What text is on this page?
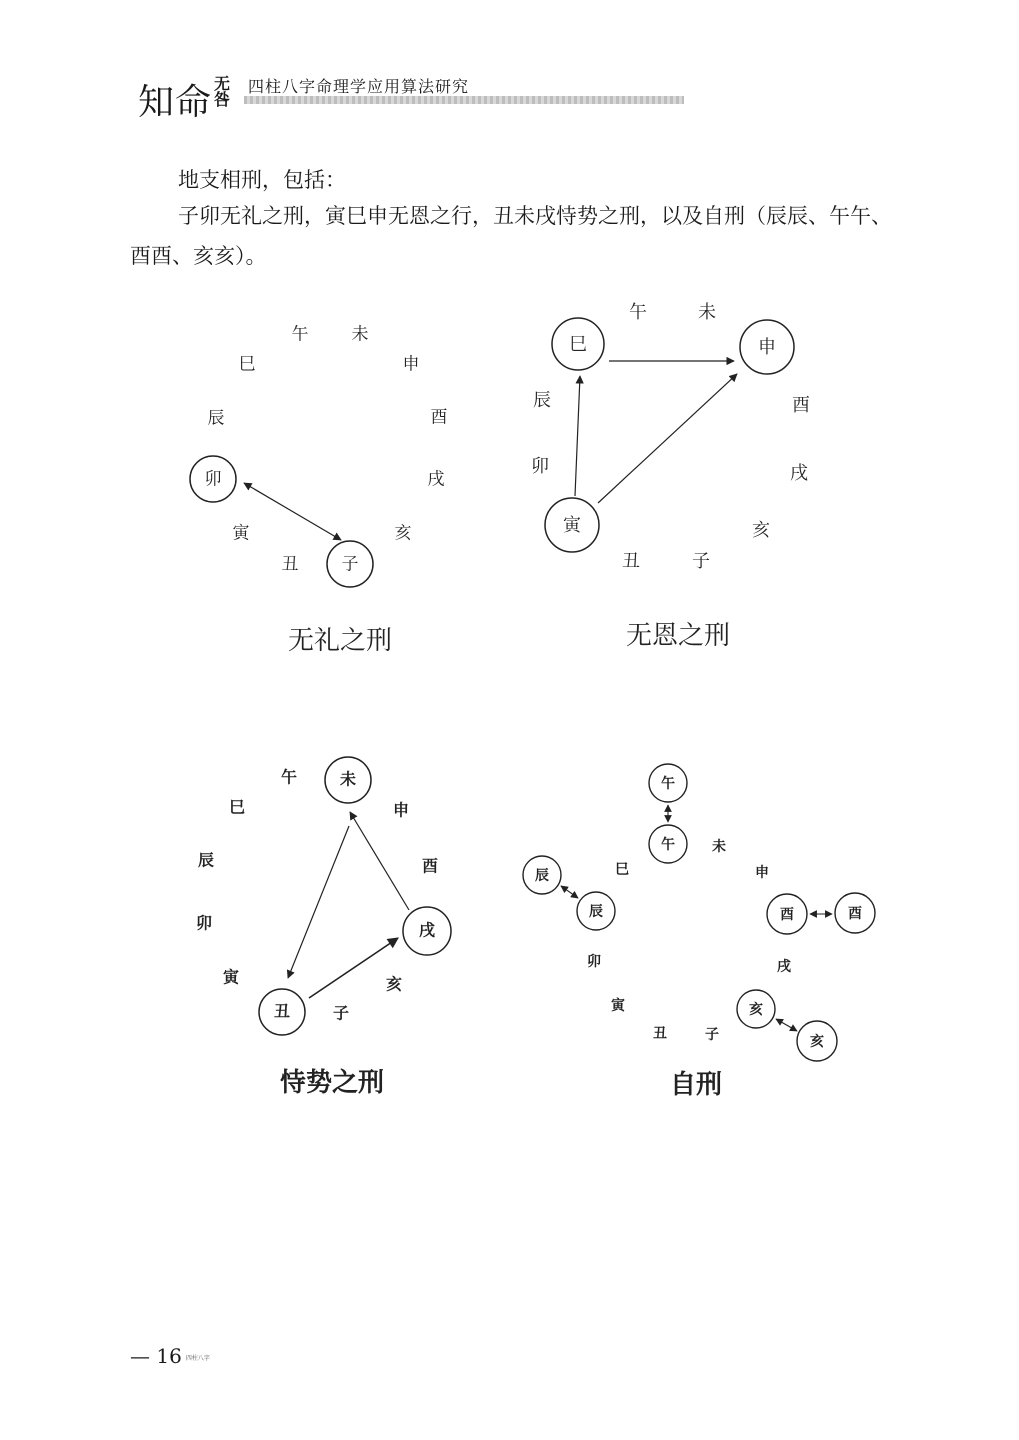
知命 无咎
四柱八字命理学应用算法研究
地支相刑，包括：
子卯无礼之刑，寅巳申无恩之行，丑未戌恃势之刑，以及自刑（辰辰、午午、酉酉、亥亥）。
午	未
巳	申
辰	酉
卯	戌
寅	亥
丑	子
无礼之刑
午	未
巳	申
辰	酉
卯	戌
寅	亥
丑	子
无恩之刑
午	未
巳	申
辰	酉
卯	戌
寅	亥
丑	子
恃势之刑
午
午	未
辰
辰
巳	申
酉	酉
卯	戌
寅	亥
亥
丑	子
自刑
— 16 四柱八字
